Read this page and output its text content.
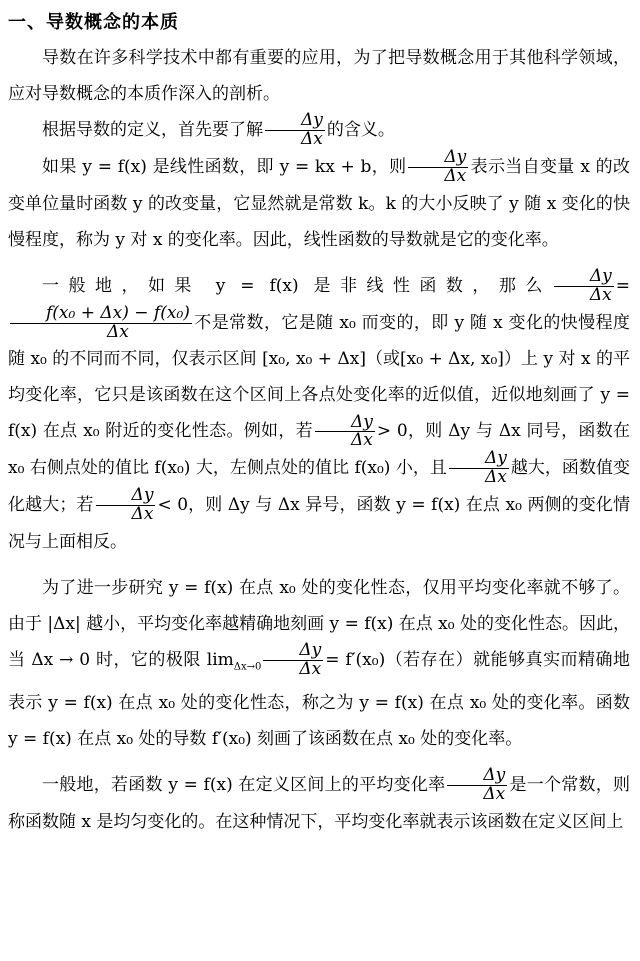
一、导数概念的本质

导数在许多科学技术中都有重要的应用，为了把导数概念用于其他科学领域，应对导数概念的本质作深入的剖析。

根据导数的定义，首先要了解 $\frac{\Delta y}{\Delta x}$ 的含义。

如果 y = f(x) 是线性函数，即 y = kx + b，则 $\frac{\Delta y}{\Delta x}$ 表示当自变量 x 的改变单位量时函数 y 的改变量，它显然就是常数 k。k 的大小反映了 y 随 x 变化的快慢程度，称为 y 对 x 的变化率。因此，线性函数的导数就是它的变化率。

一般地，如果 y = f(x) 是非线性函数，那么 $\frac{\Delta y}{\Delta x}$ =
$\frac{\text{f(x₀ + Δx) − f(x₀)}}{\Delta x}$ 不是常数，它是随 x₀ 而变的，即 y 随 x 变化的快慢程度随 x₀ 的不同而不同，仅表示区间 [x₀, x₀ + Δx]（或[x₀ + Δx, x₀]）上 y 对 x 的平均变化率，它只是该函数在这个区间上各点处变化率的近似值，近似地刻画了 y = f(x) 在点 x₀ 附近的变化性态。例如，若 $\frac{\Delta y}{\Delta x} > 0$，则 Δy 与 Δx 同号，函数在 x₀ 右侧点处的值比 f(x₀) 大，左侧点处的值比 f(x₀) 小，且 $\frac{\Delta y}{\Delta x}$ 越大，函数值变化越大；若 $\frac{\Delta y}{\Delta x} < 0$，则 Δy 与 Δx 异号，函数 y = f(x) 在点 x₀ 两侧的变化情况与上面相反。

为了进一步研究 y = f(x) 在点 x₀ 处的变化性态，仅用平均变化率就不够了。由于 |Δx| 越小，平均变化率越精确地刻画 y = f(x) 在点 x₀ 处的变化性态。因此，当 Δx → 0 时，它的极限 $\lim_{\Delta x\to 0} \frac{\Delta y}{\Delta x} = f'(x_0)$（若存在）就能够真实而精确地表示 y = f(x) 在点 x₀ 处的变化性态，称之为 y = f(x) 在点 x₀ 处的变化率。函数 y = f(x) 在点 x₀ 处的导数 f′(x₀) 刻画了该函数在点 x₀ 处的变化率。

一般地，若函数 y = f(x) 在定义区间上的平均变化率 $\frac{\Delta y}{\Delta x}$ 是一个常数，则称函数随 x 是均匀变化的。在这种情况下，平均变化率就表示该函数在定义区间上
